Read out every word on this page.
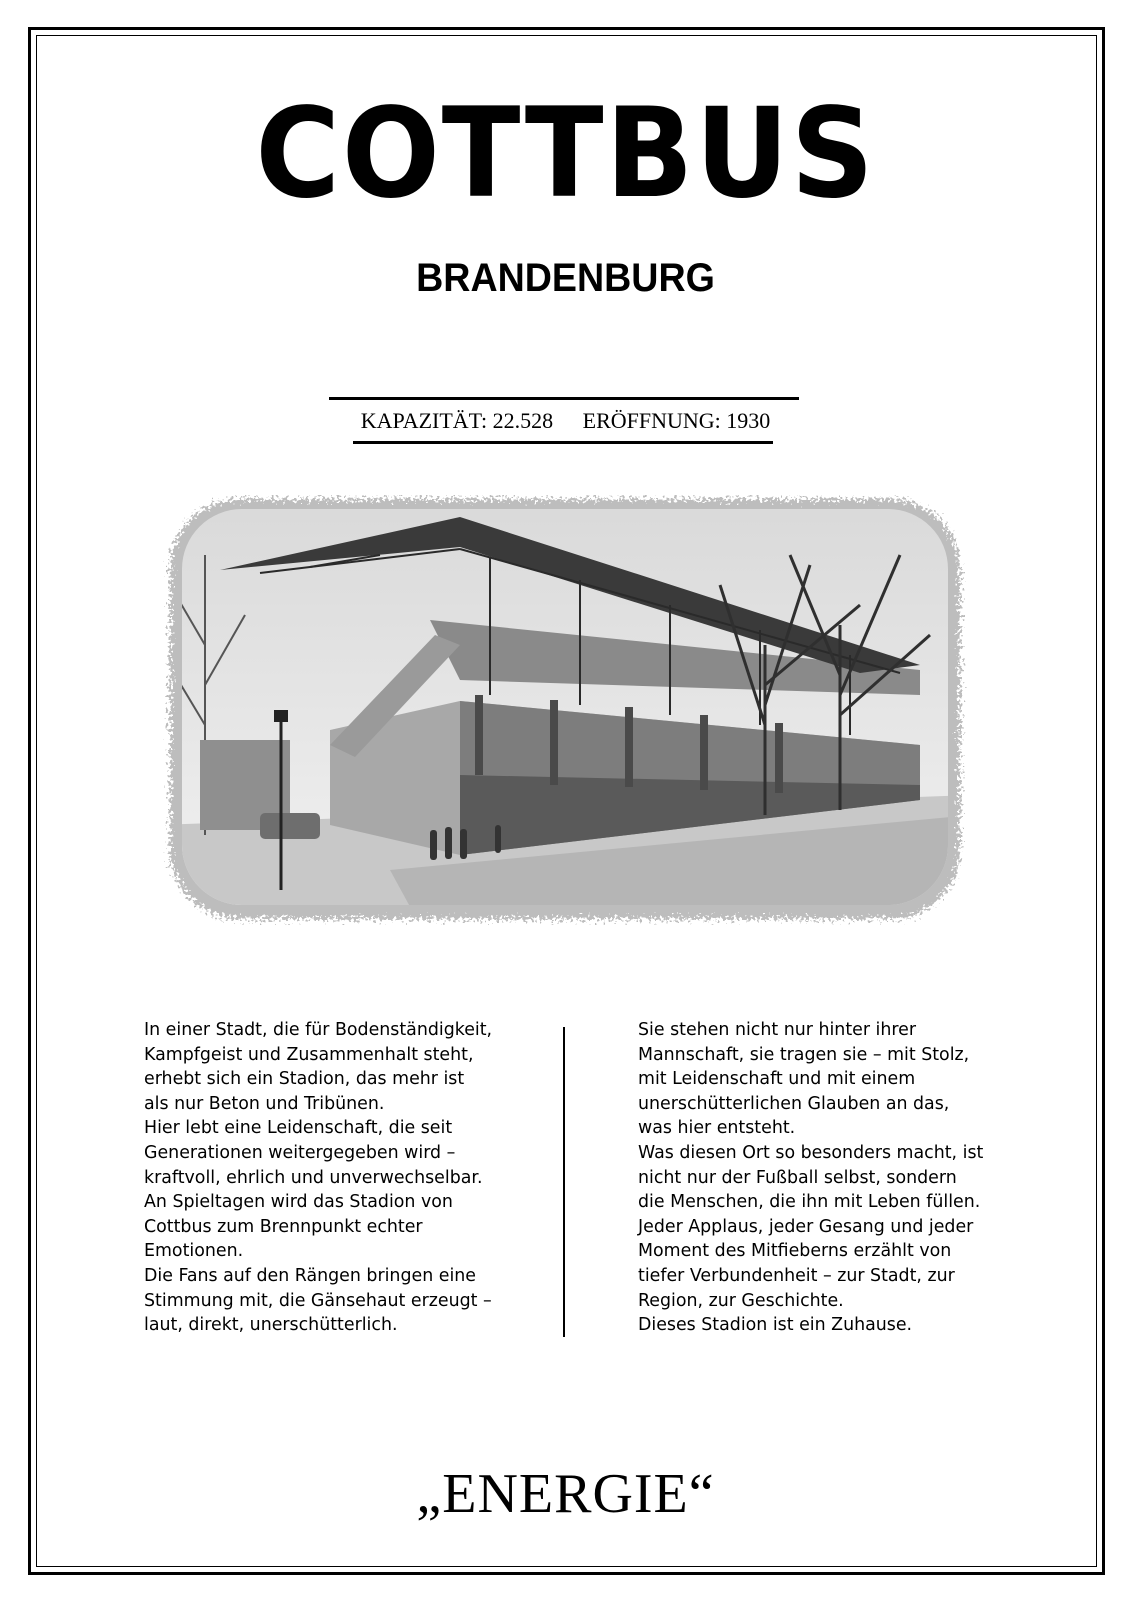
COTTBUS
BRANDENBURG
KAPAZITÄT: 22.528 ERÖFFNUNG: 1930

In einer Stadt, die für Bodenständigkeit,
Kampfgeist und Zusammenhalt steht,
erhebt sich ein Stadion, das mehr ist
als nur Beton und Tribünen.
Hier lebt eine Leidenschaft, die seit
Generationen weitergegeben wird –
kraftvoll, ehrlich und unverwechselbar.
An Spieltagen wird das Stadion von
Cottbus zum Brennpunkt echter
Emotionen.
Die Fans auf den Rängen bringen eine
Stimmung mit, die Gänsehaut erzeugt –
laut, direkt, unerschütterlich.

Sie stehen nicht nur hinter ihrer
Mannschaft, sie tragen sie – mit Stolz,
mit Leidenschaft und mit einem
unerschütterlichen Glauben an das,
was hier entsteht.
Was diesen Ort so besonders macht, ist
nicht nur der Fußball selbst, sondern
die Menschen, die ihn mit Leben füllen.
Jeder Applaus, jeder Gesang und jeder
Moment des Mitfieberns erzählt von
tiefer Verbundenheit – zur Stadt, zur
Region, zur Geschichte.
Dieses Stadion ist ein Zuhause.

„ENERGIE“
